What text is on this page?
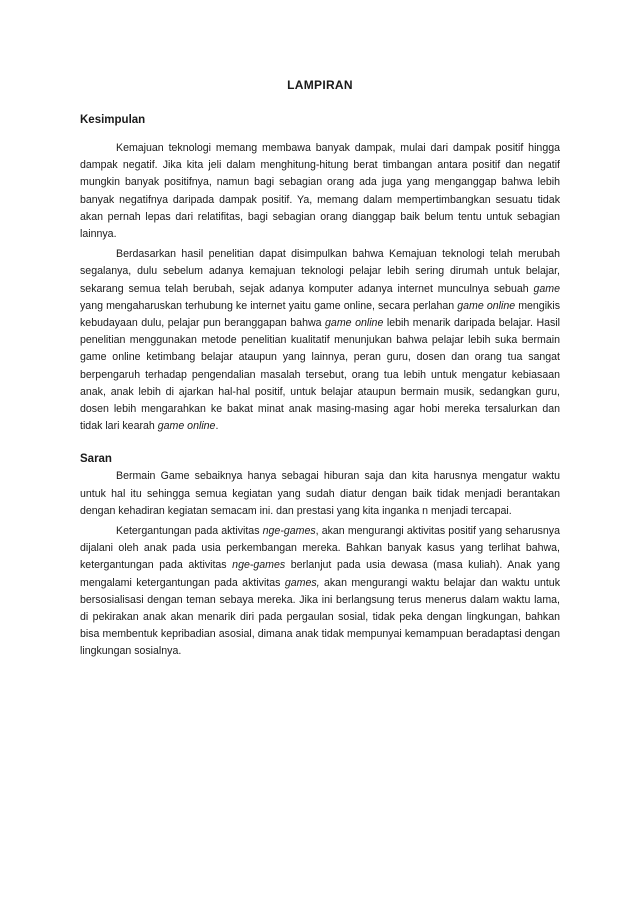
LAMPIRAN
Kesimpulan

Kemajuan teknologi memang membawa banyak dampak, mulai dari dampak positif hingga dampak negatif. Jika kita jeli dalam menghitung-hitung berat timbangan antara positif dan negatif mungkin banyak positifnya, namun bagi sebagian orang ada juga yang menganggap bahwa lebih banyak negatifnya daripada dampak positif. Ya, memang dalam mempertimbangkan sesuatu tidak akan pernah lepas dari relatifitas, bagi sebagian orang dianggap baik belum tentu untuk sebagian lainnya.

Berdasarkan hasil penelitian dapat disimpulkan bahwa Kemajuan teknologi telah merubah segalanya, dulu sebelum adanya kemajuan teknologi pelajar lebih sering dirumah untuk belajar, sekarang semua telah berubah, sejak adanya komputer adanya internet munculnya sebuah game yang mengaharuskan terhubung ke internet yaitu game online, secara perlahan game online mengikis kebudayaan dulu, pelajar pun beranggapan bahwa game online lebih menarik daripada belajar. Hasil penelitian menggunakan metode penelitian kualitatif menunjukan bahwa pelajar lebih suka bermain game online ketimbang belajar ataupun yang lainnya, peran guru, dosen dan orang tua sangat berpengaruh terhadap pengendalian masalah tersebut, orang tua lebih untuk mengatur kebiasaan anak, anak lebih di ajarkan hal-hal positif, untuk belajar ataupun bermain musik, sedangkan guru, dosen lebih mengarahkan ke bakat minat anak masing-masing agar hobi mereka tersalurkan dan tidak lari kearah game online.

Saran

Bermain Game sebaiknya hanya sebagai hiburan saja dan kita harusnya mengatur waktu untuk hal itu sehingga semua kegiatan yang sudah diatur dengan baik tidak menjadi berantakan dengan kehadiran kegiatan semacam ini. dan prestasi yang kita inganka n menjadi tercapai.

Ketergantungan pada aktivitas nge-games, akan mengurangi aktivitas positif yang seharusnya dijalani oleh anak pada usia perkembangan mereka. Bahkan banyak kasus yang terlihat bahwa, ketergantungan pada aktivitas nge-games berlanjut pada usia dewasa (masa kuliah). Anak yang mengalami ketergantungan pada aktivitas games, akan mengurangi waktu belajar dan waktu untuk bersosialisasi dengan teman sebaya mereka. Jika ini berlangsung terus menerus dalam waktu lama, di pekirakan anak akan menarik diri pada pergaulan sosial, tidak peka dengan lingkungan, bahkan bisa membentuk kepribadian asosial, dimana anak tidak mempunyai kemampuan beradaptasi dengan lingkungan sosialnya.
